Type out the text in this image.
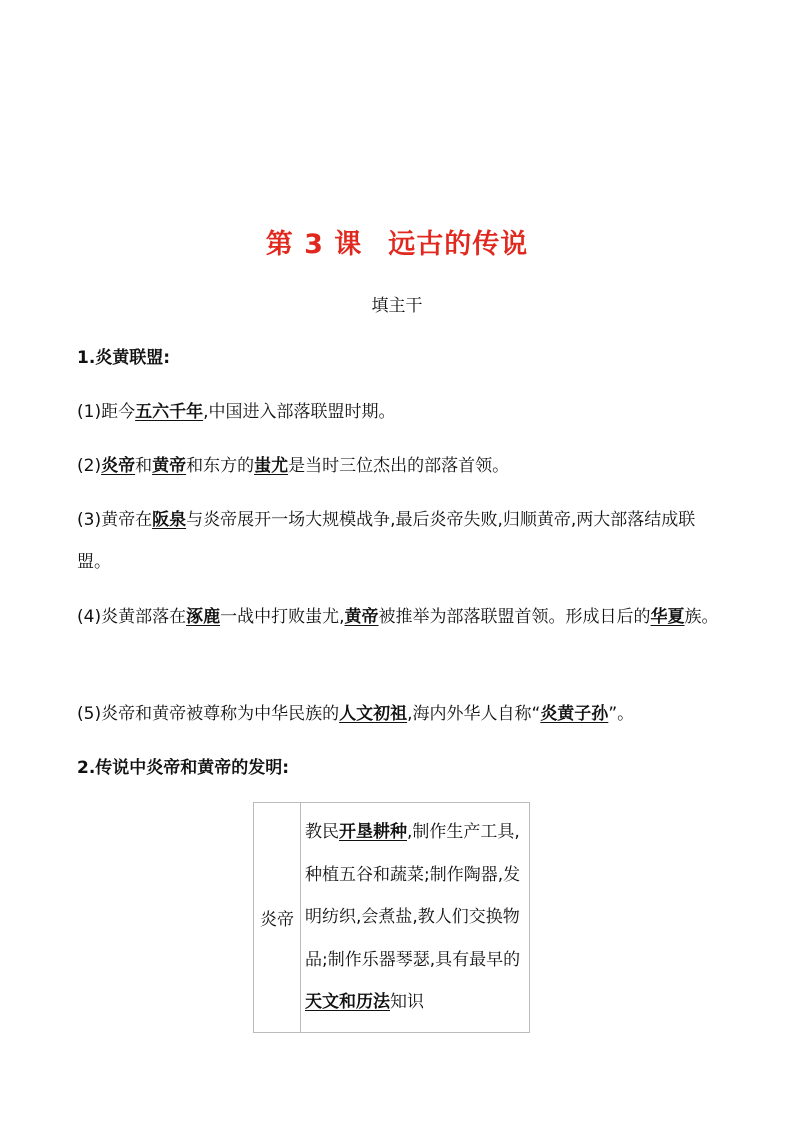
第 3 课 远古的传说
填主干
1.炎黄联盟:
(1)距今五六千年,中国进入部落联盟时期。
(2)炎帝和黄帝和东方的蚩尤是当时三位杰出的部落首领。
(3)黄帝在阪泉与炎帝展开一场大规模战争,最后炎帝失败,归顺黄帝,两大部落结成联盟。
(4)炎黄部落在涿鹿一战中打败蚩尤,黄帝被推举为部落联盟首领。形成日后的华夏族。
(5)炎帝和黄帝被尊称为中华民族的人文初祖,海内外华人自称“炎黄子孙”。
2.传说中炎帝和黄帝的发明:
炎帝	教民开垦耕种,制作生产工具,种植五谷和蔬菜;制作陶器,发明纺织,会煮盐,教人们交换物品;制作乐器琴瑟,具有最早的天文和历法知识
